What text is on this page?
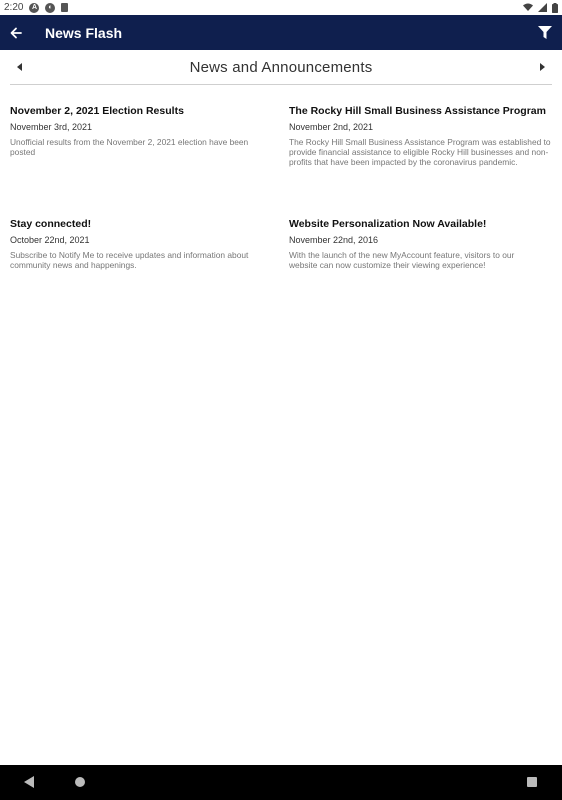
2:20	A	◐
News Flash
News and Announcements
November 2, 2021 Election Results
November 3rd, 2021
Unofficial results from the November 2, 2021 election have been posted
The Rocky Hill Small Business Assistance Program
November 2nd, 2021
The Rocky Hill Small Business Assistance Program was established to provide financial assistance to eligible Rocky Hill businesses and non-profits that have been impacted by the coronavirus pandemic.
Stay connected!
October 22nd, 2021
Subscribe to Notify Me to receive updates and information about community news and happenings.
Website Personalization Now Available!
November 22nd, 2016
With the launch of the new MyAccount feature, visitors to our website can now customize their viewing experience!
